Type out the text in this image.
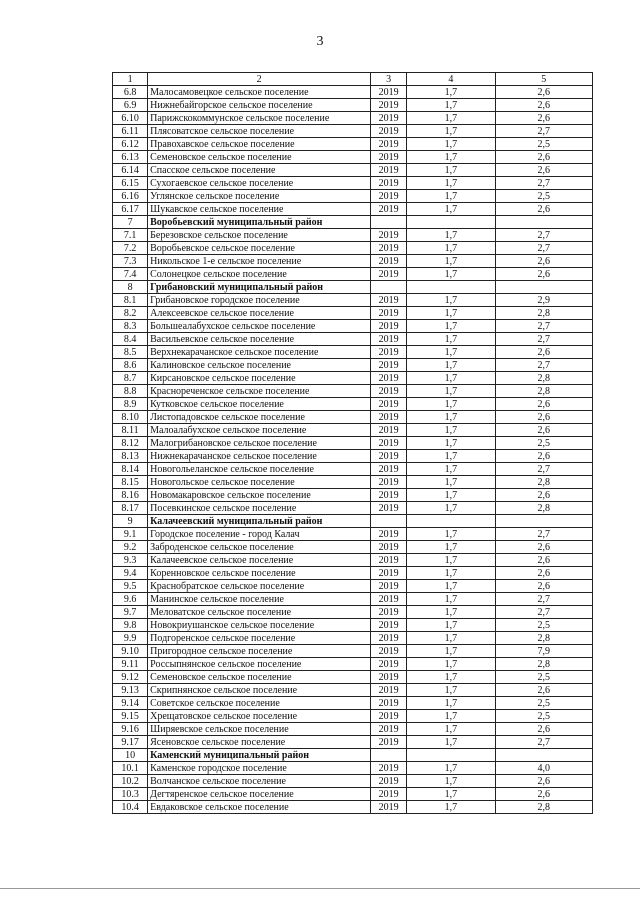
3
1	2	3	4	5
6.8	Малосамовецкое сельское поселение	2019	1,7	2,6
6.9	Нижнебайгорское сельское поселение	2019	1,7	2,6
6.10	Парижскокоммунское сельское поселение	2019	1,7	2,6
6.11	Плясоватское сельское поселение	2019	1,7	2,7
6.12	Правохавское сельское поселение	2019	1,7	2,5
6.13	Семеновское сельское поселение	2019	1,7	2,6
6.14	Спасское сельское поселение	2019	1,7	2,6
6.15	Сухогаевское сельское поселение	2019	1,7	2,7
6.16	Углянское сельское поселение	2019	1,7	2,5
6.17	Шукавское сельское поселение	2019	1,7	2,6
7	Воробьевский муниципальный район			
7.1	Березовское сельское поселение	2019	1,7	2,7
7.2	Воробьевское сельское поселение	2019	1,7	2,7
7.3	Никольское 1-е сельское поселение	2019	1,7	2,6
7.4	Солонецкое сельское поселение	2019	1,7	2,6
8	Грибановский муниципальный район			
8.1	Грибановское городское поселение	2019	1,7	2,9
8.2	Алексеевское сельское поселение	2019	1,7	2,8
8.3	Большеалабухское сельское поселение	2019	1,7	2,7
8.4	Васильевское сельское поселение	2019	1,7	2,7
8.5	Верхнекарачанское сельское поселение	2019	1,7	2,6
8.6	Калиновское сельское поселение	2019	1,7	2,7
8.7	Кирсановское сельское поселение	2019	1,7	2,8
8.8	Краснореченское сельское поселение	2019	1,7	2,8
8.9	Кутковское сельское поселение	2019	1,7	2,6
8.10	Листопадовское сельское поселение	2019	1,7	2,6
8.11	Малоалабухское сельское поселение	2019	1,7	2,6
8.12	Малогрибановское сельское поселение	2019	1,7	2,5
8.13	Нижнекарачанское сельское поселение	2019	1,7	2,6
8.14	Новогольеланское сельское поселение	2019	1,7	2,7
8.15	Новогольское сельское поселение	2019	1,7	2,8
8.16	Новомакаровское сельское поселение	2019	1,7	2,6
8.17	Посевкинское сельское поселение	2019	1,7	2,8
9	Калачеевский муниципальный район			
9.1	Городское поселение - город Калач	2019	1,7	2,7
9.2	Заброденское сельское поселение	2019	1,7	2,6
9.3	Калачеевское сельское поселение	2019	1,7	2,6
9.4	Коренновское сельское поселение	2019	1,7	2,6
9.5	Краснобратское сельское поселение	2019	1,7	2,6
9.6	Манинское сельское поселение	2019	1,7	2,7
9.7	Меловатское сельское поселение	2019	1,7	2,7
9.8	Новокриушанское сельское поселение	2019	1,7	2,5
9.9	Подгоренское сельское поселение	2019	1,7	2,8
9.10	Пригородное сельское поселение	2019	1,7	7,9
9.11	Россыпнянское сельское поселение	2019	1,7	2,8
9.12	Семеновское сельское поселение	2019	1,7	2,5
9.13	Скрипнянское сельское поселение	2019	1,7	2,6
9.14	Советское сельское поселение	2019	1,7	2,5
9.15	Хрещатовское сельское поселение	2019	1,7	2,5
9.16	Ширяевское сельское поселение	2019	1,7	2,6
9.17	Ясеновское сельское поселение	2019	1,7	2,7
10	Каменский муниципальный район			
10.1	Каменское городское поселение	2019	1,7	4,0
10.2	Волчанское сельское поселение	2019	1,7	2,6
10.3	Дегтяренское сельское поселение	2019	1,7	2,6
10.4	Евдаковское сельское поселение	2019	1,7	2,8
